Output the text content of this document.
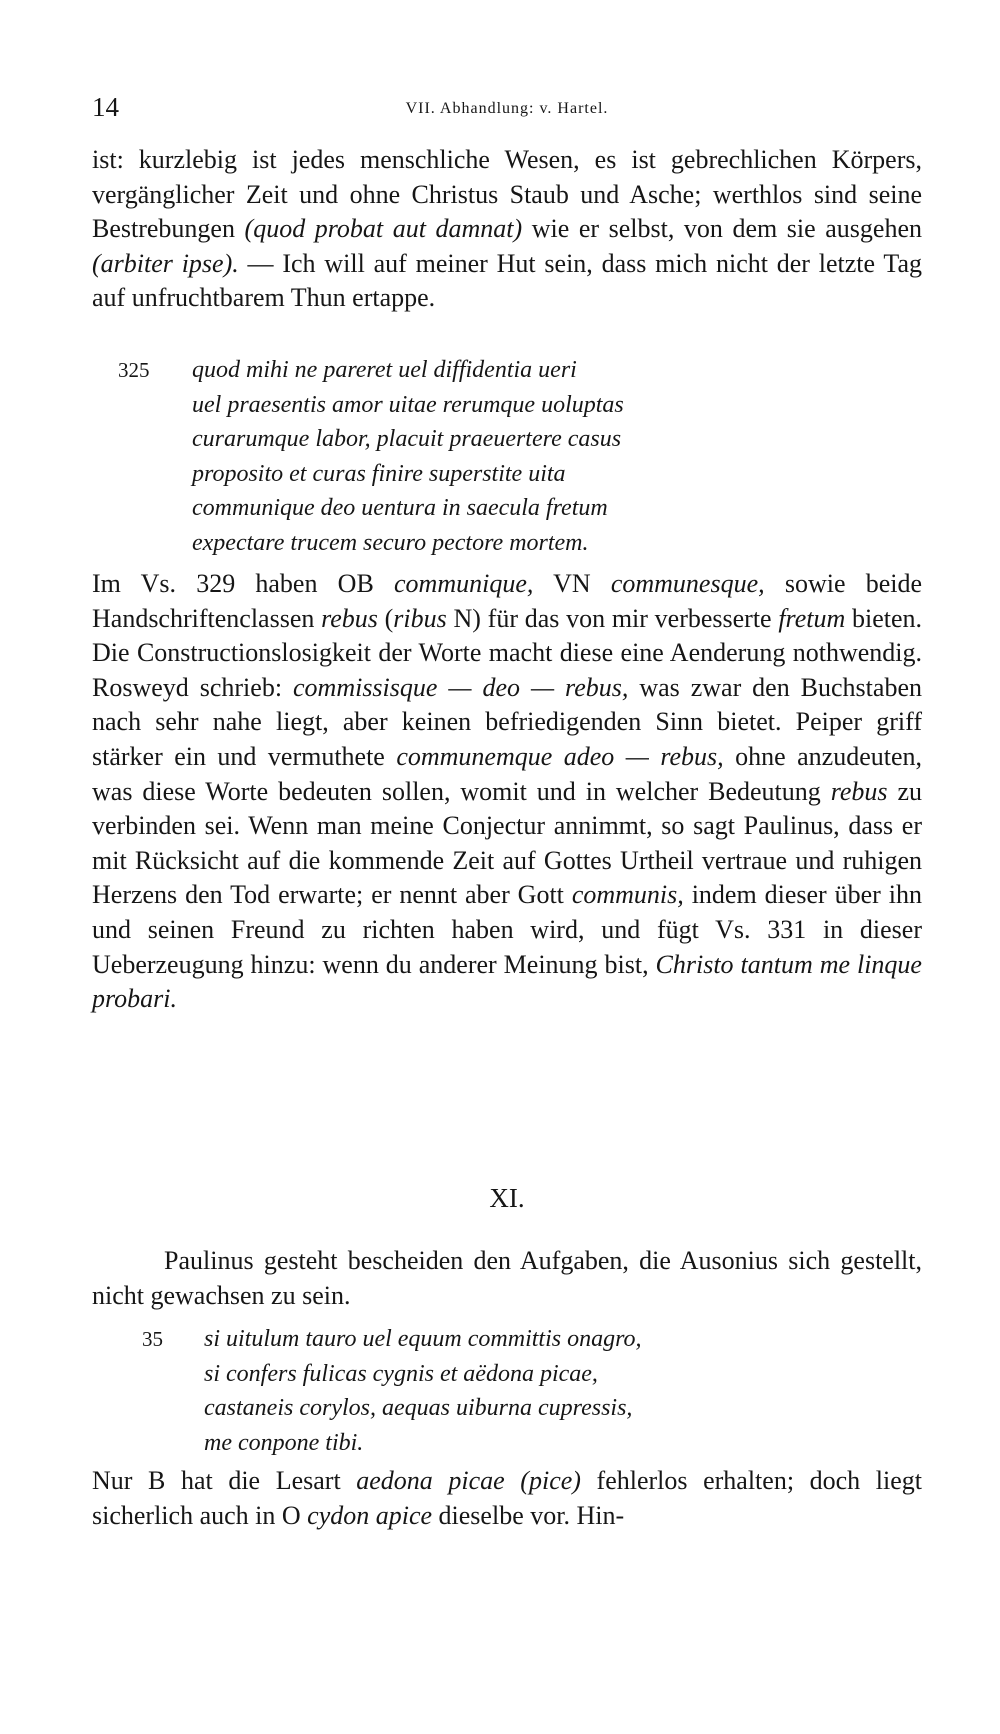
14	VII. Abhandlung: v. Hartel.

ist: kurzlebig ist jedes menschliche Wesen, es ist gebrechlichen Körpers, vergänglicher Zeit und ohne Christus Staub und Asche; werthlos sind seine Bestrebungen (quod probat aut damnat) wie er selbst, von dem sie ausgehen (arbiter ipse). — Ich will auf meiner Hut sein, dass mich nicht der letzte Tag auf unfruchtbarem Thun ertappe.

325 quod mihi ne pareret uel diffidentia ueri
uel praesentis amor uitae rerumque uoluptas
curarumque labor, placuit praeuertere casus
proposito et curas finire superstite uita
communique deo uentura in saecula fretum
expectare trucem securo pectore mortem.

Im Vs. 329 haben OB communique, VN communesque, sowie beide Handschriftenclassen rebus (ribus N) für das von mir verbesserte fretum bieten. Die Constructionslosigkeit der Worte macht diese eine Aenderung nothwendig. Rosweyd schrieb: commissisque — deo — rebus, was zwar den Buchstaben nach sehr nahe liegt, aber keinen befriedigenden Sinn bietet. Peiper griff stärker ein und vermuthete communemque adeo — rebus, ohne anzudeuten, was diese Worte bedeuten sollen, womit und in welcher Bedeutung rebus zu verbinden sei. Wenn man meine Conjectur annimmt, so sagt Paulinus, dass er mit Rücksicht auf die kommende Zeit auf Gottes Urtheil vertraue und ruhigen Herzens den Tod erwarte; er nennt aber Gott communis, indem dieser über ihn und seinen Freund zu richten haben wird, und fügt Vs. 331 in dieser Ueberzeugung hinzu: wenn du anderer Meinung bist, Christo tantum me linque probari.

XI.

Paulinus gesteht bescheiden den Aufgaben, die Ausonius sich gestellt, nicht gewachsen zu sein.

35 si uitulum tauro uel equum committis onagro,
si confers fulicas cygnis et aëdona picae,
castaneis corylos, aequas uiburna cupressis,
me conpone tibi.

Nur B hat die Lesart aedona picae (pice) fehlerlos erhalten; doch liegt sicherlich auch in O cydon apice dieselbe vor. Hin-
